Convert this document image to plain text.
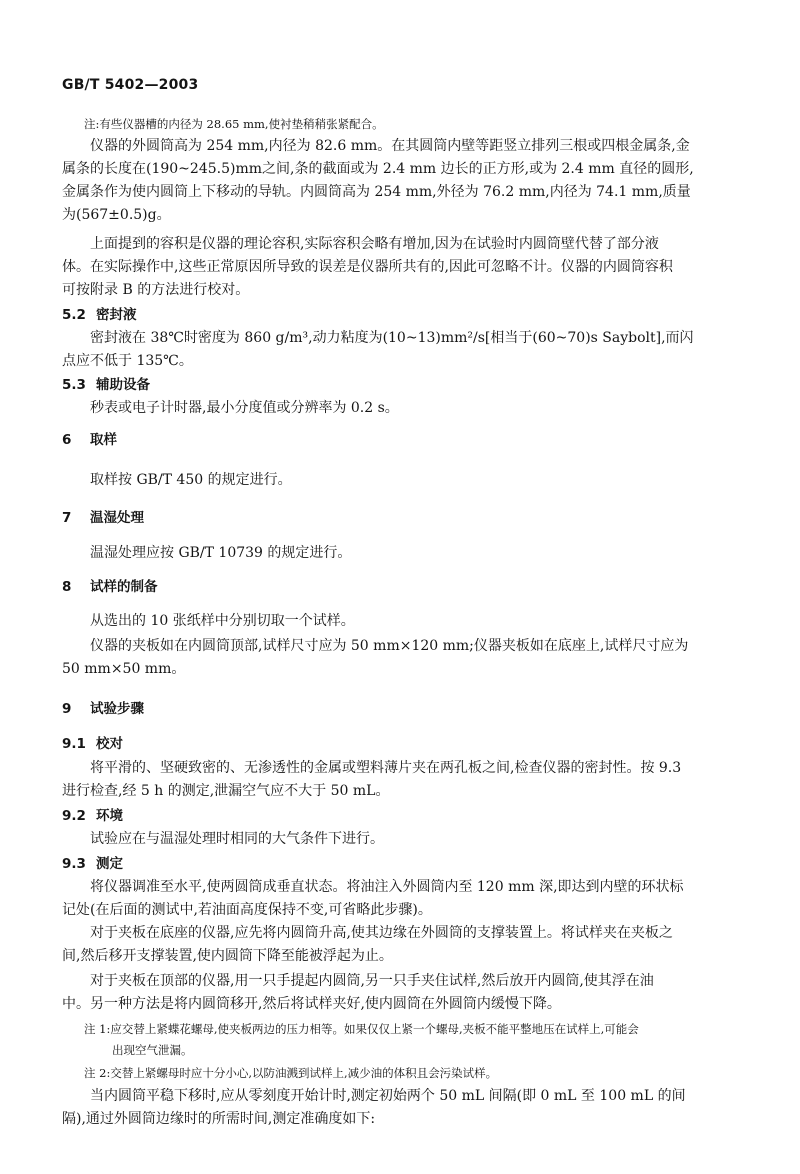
GB/T 5402—2003
注:有些仪器槽的内径为 28.65 mm,使衬垫稍稍张紧配合。
仪器的外圆筒高为 254 mm,内径为 82.6 mm。在其圆筒内壁等距竖立排列三根或四根金属条,金
属条的长度在(190~245.5)mm之间,条的截面或为 2.4 mm 边长的正方形,或为 2.4 mm 直径的圆形,
金属条作为使内圆筒上下移动的导轨。内圆筒高为 254 mm,外径为 76.2 mm,内径为 74.1 mm,质量
为(567±0.5)g。
上面提到的容积是仪器的理论容积,实际容积会略有增加,因为在试验时内圆筒壁代替了部分液
体。在实际操作中,这些正常原因所导致的误差是仪器所共有的,因此可忽略不计。仪器的内圆筒容积
可按附录 B 的方法进行校对。
5.2 密封液
密封液在 38℃时密度为 860 g/m³,动力粘度为(10~13)mm²/s[相当于(60~70)s Saybolt],而闪
点应不低于 135℃。
5.3 辅助设备
秒表或电子计时器,最小分度值或分辨率为 0.2 s。
6 取样
取样按 GB/T 450 的规定进行。
7 温湿处理
温湿处理应按 GB/T 10739 的规定进行。
8 试样的制备
从选出的 10 张纸样中分别切取一个试样。
仪器的夹板如在内圆筒顶部,试样尺寸应为 50 mm×120 mm;仪器夹板如在底座上,试样尺寸应为
50 mm×50 mm。
9 试验步骤
9.1 校对
将平滑的、坚硬致密的、无渗透性的金属或塑料薄片夹在两孔板之间,检查仪器的密封性。按 9.3
进行检查,经 5 h 的测定,泄漏空气应不大于 50 mL。
9.2 环境
试验应在与温湿处理时相同的大气条件下进行。
9.3 测定
将仪器调准至水平,使两圆筒成垂直状态。将油注入外圆筒内至 120 mm 深,即达到内壁的环状标
记处(在后面的测试中,若油面高度保持不变,可省略此步骤)。
对于夹板在底座的仪器,应先将内圆筒升高,使其边缘在外圆筒的支撑装置上。将试样夹在夹板之
间,然后移开支撑装置,使内圆筒下降至能被浮起为止。
对于夹板在顶部的仪器,用一只手提起内圆筒,另一只手夹住试样,然后放开内圆筒,使其浮在油
中。另一种方法是将内圆筒移开,然后将试样夹好,使内圆筒在外圆筒内缓慢下降。
注 1:应交替上紧蝶花螺母,使夹板两边的压力相等。如果仅仅上紧一个螺母,夹板不能平整地压在试样上,可能会
出现空气泄漏。
注 2:交替上紧螺母时应十分小心,以防油溅到试样上,减少油的体积且会污染试样。
当内圆筒平稳下移时,应从零刻度开始计时,测定初始两个 50 mL 间隔(即 0 mL 至 100 mL 的间
隔),通过外圆筒边缘时的所需时间,测定准确度如下:
